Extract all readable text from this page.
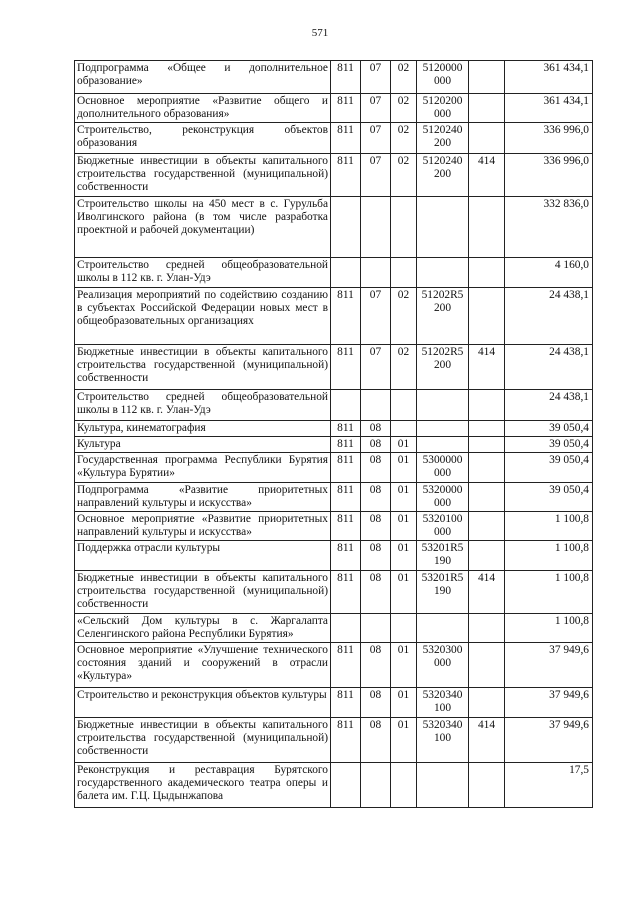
571
Подпрограмма «Общее и дополнительное образование»	811	07	02	5120000 000		361 434,1
Основное мероприятие «Развитие общего и дополнительного образования»	811	07	02	5120200 000		361 434,1
Строительство, реконструкция объектов образования	811	07	02	5120240 200		336 996,0
Бюджетные инвестиции в объекты капитального строительства государственной (муниципальной) собственности	811	07	02	5120240 200	414	336 996,0
Строительство школы на 450 мест в с. Гурульба Иволгинского района (в том числе разработка проектной и рабочей документации)						332 836,0
Строительство средней общеобразовательной школы в 112 кв. г. Улан-Удэ						4 160,0
Реализация мероприятий по содействию созданию в субъектах Российской Федерации новых мест в общеобразовательных организациях	811	07	02	51202R5 200		24 438,1
Бюджетные инвестиции в объекты капитального строительства государственной (муниципальной) собственности	811	07	02	51202R5 200	414	24 438,1
Строительство средней общеобразовательной школы в 112 кв. г. Улан-Удэ						24 438,1
Культура, кинематография	811	08				39 050,4
Культура	811	08	01			39 050,4
Государственная программа Республики Бурятия «Культура Бурятии»	811	08	01	5300000 000		39 050,4
Подпрограмма «Развитие приоритетных направлений культуры и искусства»	811	08	01	5320000 000		39 050,4
Основное мероприятие «Развитие приоритетных направлений культуры и искусства»	811	08	01	5320100 000		1 100,8
Поддержка отрасли культуры	811	08	01	53201R5 190		1 100,8
Бюджетные инвестиции в объекты капитального строительства государственной (муниципальной) собственности	811	08	01	53201R5 190	414	1 100,8
«Сельский Дом культуры в с. Жаргалапта Селенгинского района Республики Бурятия»						1 100,8
Основное мероприятие «Улучшение технического состояния зданий и сооружений в отрасли «Культура»	811	08	01	5320300 000		37 949,6
Строительство и реконструкция объектов культуры	811	08	01	5320340 100		37 949,6
Бюджетные инвестиции в объекты капитального строительства государственной (муниципальной) собственности	811	08	01	5320340 100	414	37 949,6
Реконструкция и реставрация Бурятского государственного академического театра оперы и балета им. Г.Ц. Цыдынжапова						17,5
